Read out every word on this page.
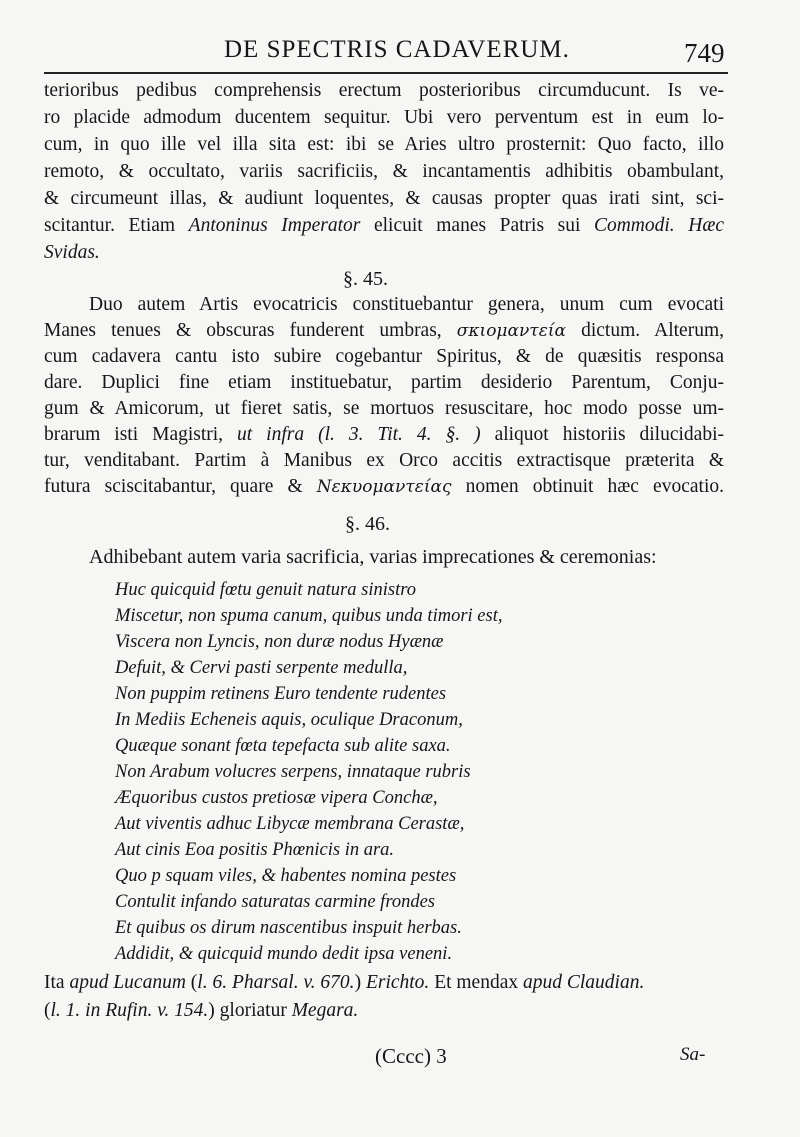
DE SPECTRIS CADAVERUM.	749
terioribus pedibus comprehensis erectum posterioribus circumducunt. Is ve-
ro placide admodum ducentem sequitur. Ubi vero perventum est in eum lo-
cum, in quo ille vel illa sita est: ibi se Aries ultro prosternit: Quo facto, illo
remoto, & occultato, variis sacrificiis, & incantamentis adhibitis obambulant,
& circumeunt illas, & audiunt loquentes, & causas propter quas irati sint, sci-
scitantur. Etiam Antoninus Imperator elicuit manes Patris sui Commodi. Hæc
Svidas.
§. 45.
Duo autem Artis evocatricis constituebantur genera, unum cum evocati
Manes tenues & obscuras funderent umbras, σκιομαντεία dictum. Alterum,
cum cadavera cantu isto subire cogebantur Spiritus, & de quæsitis responsa
dare. Duplici fine etiam instituebatur, partim desiderio Parentum, Conju-
gum & Amicorum, ut fieret satis, se mortuos resuscitare, hoc modo posse um-
brarum isti Magistri, ut infra (l. 3. Tit. 4. §. ) aliquot historiis dilucidabi-
tur, venditabant. Partim à Manibus ex Orco accitis extractisque præterita &
futura sciscitabantur, quare & Νεκυομαντείας nomen obtinuit hæc evocatio.
§. 46.
Adhibebant autem varia sacrificia, varias imprecationes & ceremonias:
Huc quicquid fœtu genuit natura sinistro
Miscetur, non spuma canum, quibus unda timori est,
Viscera non Lyncis, non duræ nodus Hyænæ
Defuit, & Cervi pasti serpente medulla,
Non puppim retinens Euro tendente rudentes
In Mediis Echeneis aquis, oculique Draconum,
Quæque sonant fœta tepefacta sub alite saxa.
Non Arabum volucres serpens, innataque rubris
Æquoribus custos pretiosæ vipera Conchæ,
Aut viventis adhuc Libycæ membrana Cerastæ,
Aut cinis Eoa positis Phœnicis in ara.
Quo p squam viles, & habentes nomina pestes
Contulit infando saturatas carmine frondes
Et quibus os dirum nascentibus inspuit herbas.
Addidit, & quicquid mundo dedit ipsa veneni.
Ita apud Lucanum (l. 6. Pharsal. v. 670.) Erichto. Et mendax apud Claudian.
(l. 1. in Rufin. v. 154.) gloriatur Megara.
(Cccc) 3	Sa-
